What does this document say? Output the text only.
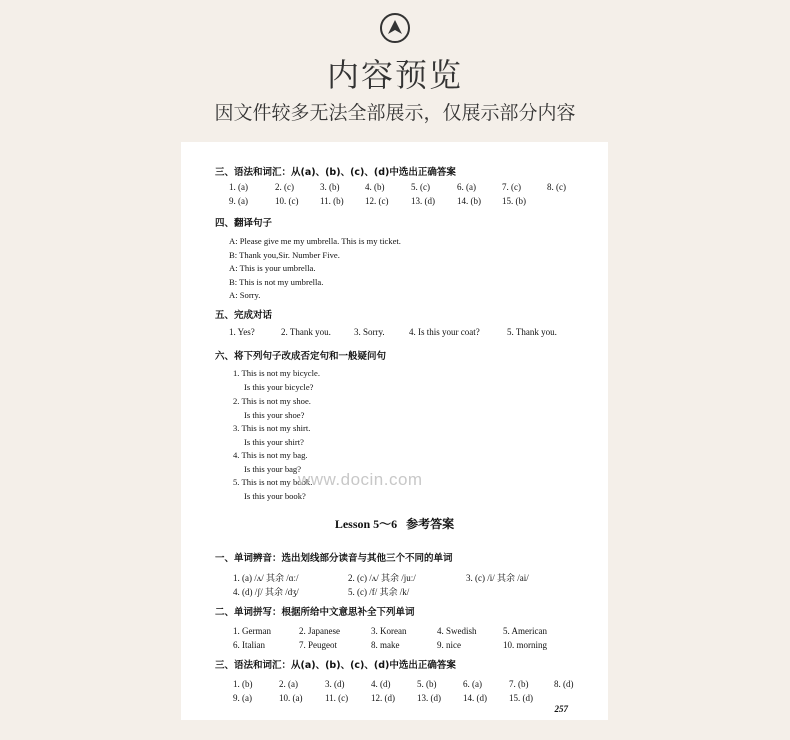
内容预览
因文件较多无法全部展示，仅展示部分内容
三、语法和词汇：从(a)、(b)、(c)、(d)中选出正确答案
1. (a)	2. (c)	3. (b)	4. (b)	5. (c)	6. (a)	7. (c)	8. (c)
9. (a)	10. (c) 11. (b) 12. (c)	13. (d) 14. (b) 15. (b)
四、翻译句子
A: Please give me my umbrella. This is my ticket.
B: Thank you,Sir. Number Five.
A: This is your umbrella.
B: This is not my umbrella.
A: Sorry.
五、完成对话
1. Yes?	2. Thank you.	3. Sorry.	4. Is this your coat?	5. Thank you.
六、将下列句子改成否定句和一般疑问句
1. This is not my bicycle.
Is this your bicycle?
2. This is not my shoe.
Is this your shoe?
3. This is not my shirt.
Is this your shirt?
4. This is not my bag.
Is this your bag?
5. This is not my book.
Is this your book?
Lesson 5～6 参考答案
一、单词辨音：选出划线部分读音与其他三个不同的单词
1. (a) /ʌ/ 其余 /ɑː/	2. (c) /ʌ/ 其余 /juː/	3. (c) /i/ 其余 /ai/
4. (d) /ʃ/ 其余 /dʒ/	5. (c) /f/ 其余 /k/
二、单词拼写：根据所给中文意思补全下列单词
1. German	2. Japanese	3. Korean	4. Swedish	5. American
6. Italian	7. Peugeot	8. make	9. nice	10. morning
三、语法和词汇：从(a)、(b)、(c)、(d)中选出正确答案
1. (b)	2. (a)	3. (d)	4. (d)	5. (b)	6. (a)	7. (b)	8. (d)
9. (a)	10. (a)	11. (c)	12. (d) 13. (d) 14. (d) 15. (d)
257
www.docin.com
